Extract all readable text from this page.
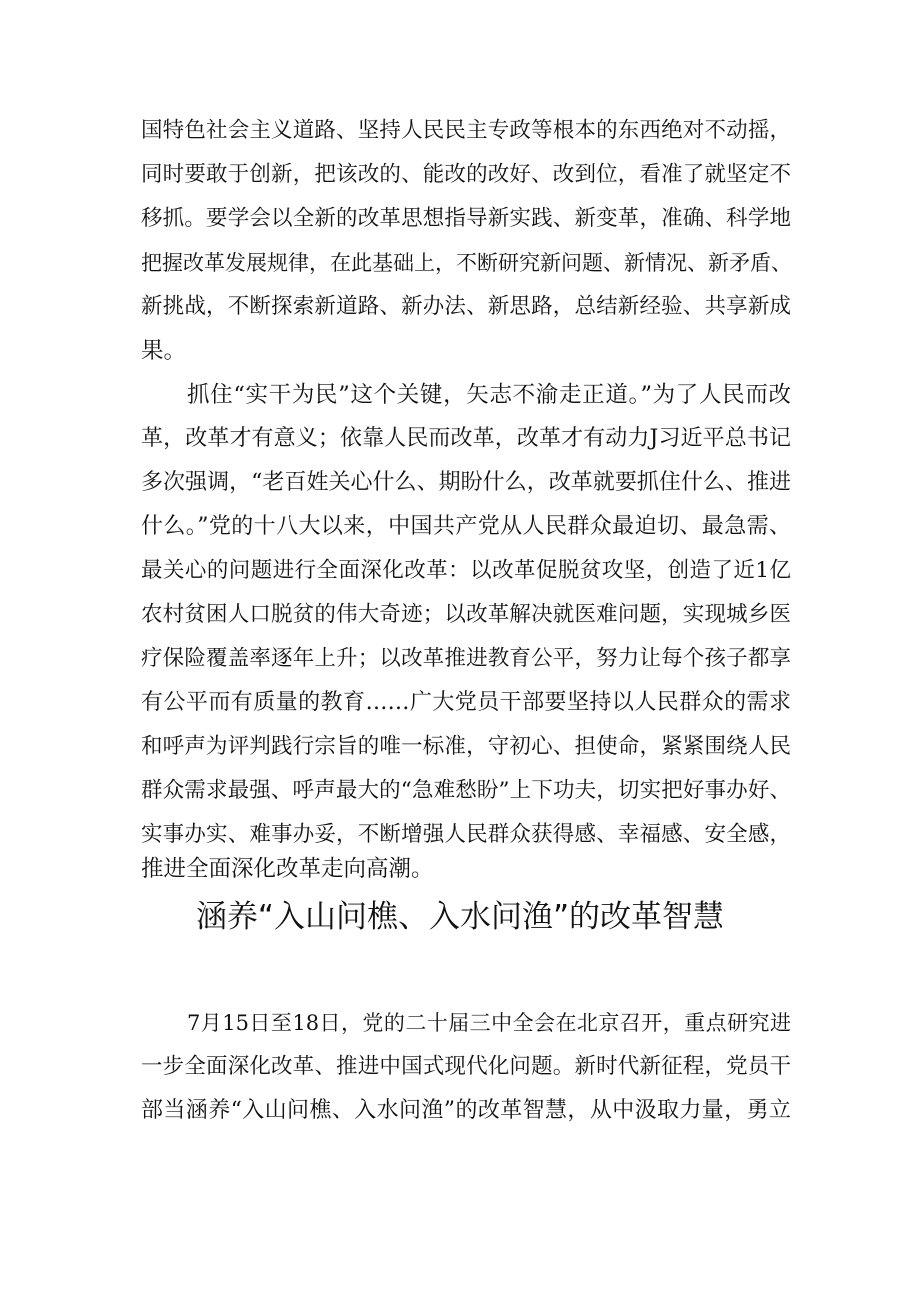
国特色社会主义道路、坚持人民民主专政等根本的东西绝对不动摇，
同时要敢于创新，把该改的、能改的改好、改到位，看准了就坚定不
移抓。要学会以全新的改革思想指导新实践、新变革，准确、科学地
把握改革发展规律，在此基础上，不断研究新问题、新情况、新矛盾、
新挑战，不断探索新道路、新办法、新思路，总结新经验、共享新成
果。
抓住“实干为民”这个关键，矢志不渝走正道。”为了人民而改
革，改革才有意义；依靠人民而改革，改革才有动力J习近平总书记
多次强调，“老百姓关心什么、期盼什么，改革就要抓住什么、推进
什么。”党的十八大以来，中国共产党从人民群众最迫切、最急需、
最关心的问题进行全面深化改革：以改革促脱贫攻坚，创造了近1亿
农村贫困人口脱贫的伟大奇迹；以改革解决就医难问题，实现城乡医
疗保险覆盖率逐年上升；以改革推进教育公平，努力让每个孩子都享
有公平而有质量的教育……广大党员干部要坚持以人民群众的需求
和呼声为评判践行宗旨的唯一标准，守初心、担使命，紧紧围绕人民
群众需求最强、呼声最大的“急难愁盼”上下功夫，切实把好事办好、
实事办实、难事办妥，不断增强人民群众获得感、幸福感、安全感，
推进全面深化改革走向高潮。
涵养“入山问樵、入水问渔”的改革智慧
7月15日至18日，党的二十届三中全会在北京召开，重点研究进
一步全面深化改革、推进中国式现代化问题。新时代新征程，党员干
部当涵养“入山问樵、入水问渔”的改革智慧，从中汲取力量，勇立
